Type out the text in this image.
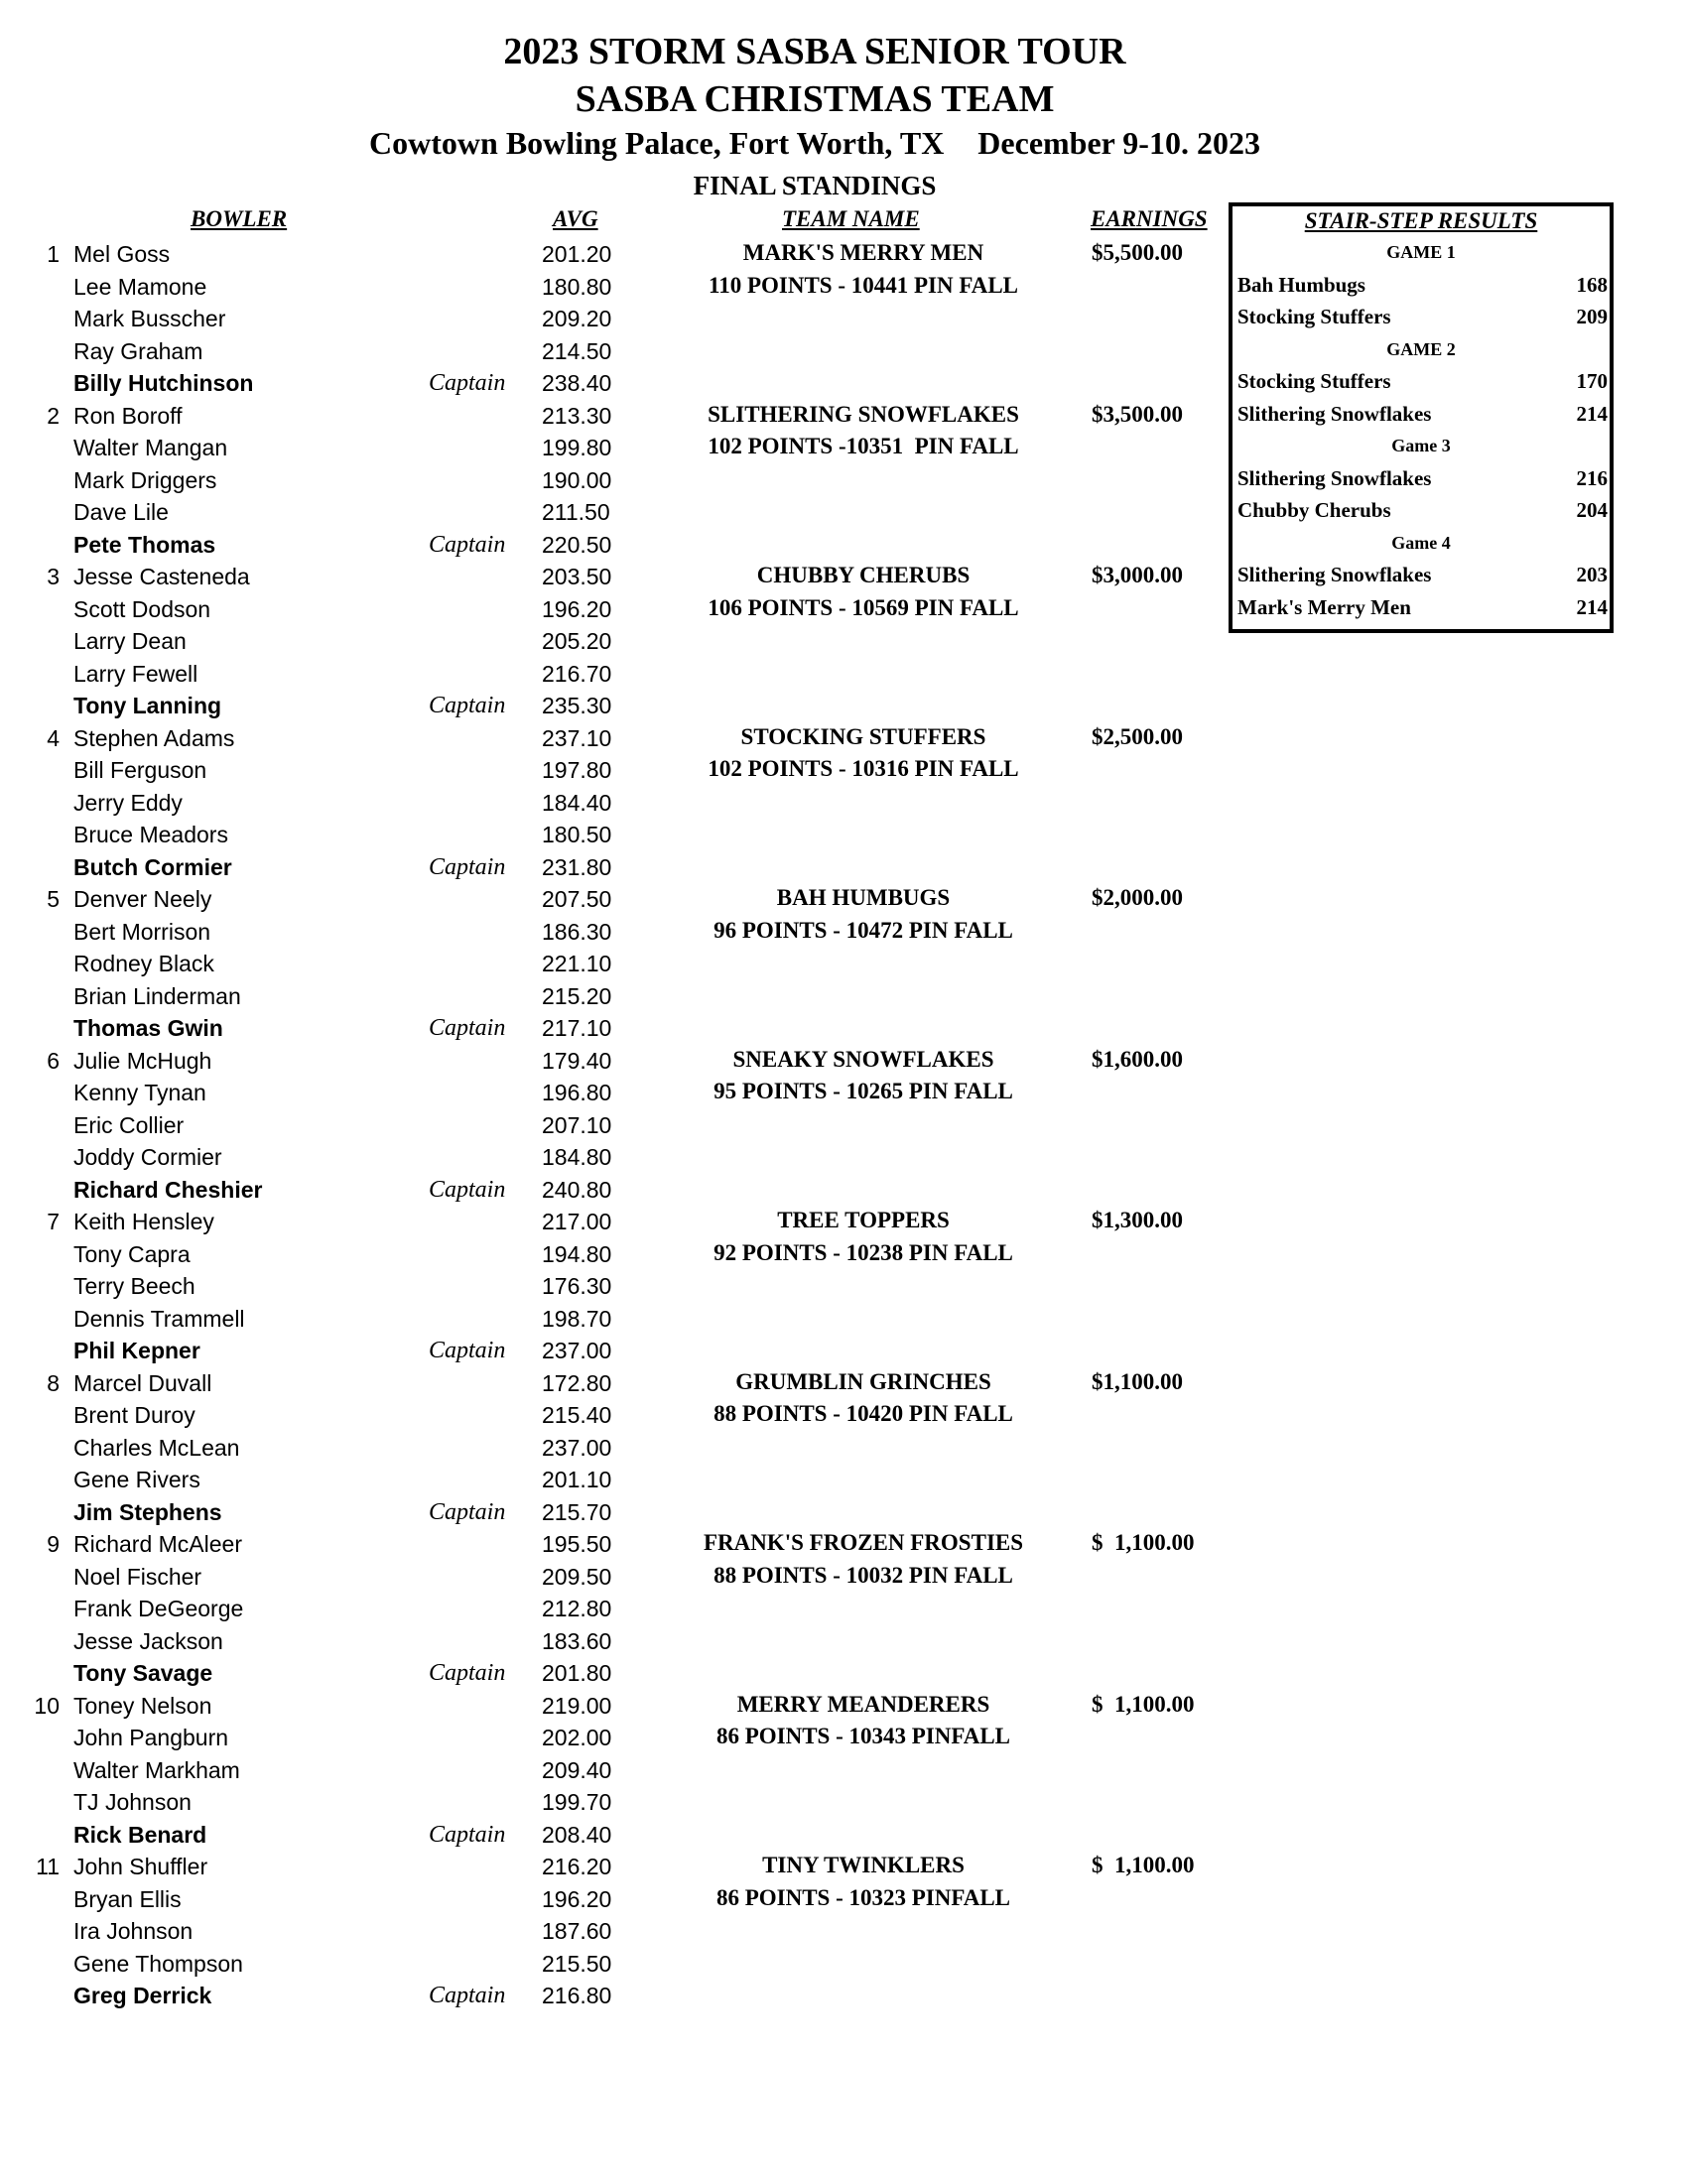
2023 STORM SASBA SENIOR TOUR
SASBA CHRISTMAS TEAM
Cowtown Bowling Palace, Fort Worth, TX December 9-10. 2023
FINAL STANDINGS
BOWLER	AVG	TEAM NAME	EARNINGS
1 Mel Goss	201.20	MARK'S MERRY MEN	$5,500.00
Lee Mamone	180.80	110 POINTS - 10441 PIN FALL
Mark Busscher	209.20
Ray Graham	214.50
Billy Hutchinson	Captain 238.40
2 Ron Boroff	213.30	SLITHERING SNOWFLAKES	$3,500.00
Walter Mangan	199.80	102 POINTS -10351  PIN FALL
Mark Driggers	190.00
Dave Lile	211.50
Pete Thomas	Captain 220.50
3 Jesse Casteneda	203.50	CHUBBY CHERUBS	$3,000.00
Scott Dodson	196.20	106 POINTS - 10569 PIN FALL
Larry Dean	205.20
Larry Fewell	216.70
Tony Lanning	Captain 235.30
4 Stephen Adams	237.10	STOCKING STUFFERS	$2,500.00
Bill Ferguson	197.80	102 POINTS - 10316 PIN FALL
Jerry Eddy	184.40
Bruce Meadors	180.50
Butch Cormier	Captain 231.80
5 Denver Neely	207.50	BAH HUMBUGS	$2,000.00
Bert Morrison	186.30	96 POINTS - 10472 PIN FALL
Rodney Black	221.10
Brian Linderman	215.20
Thomas Gwin	Captain 217.10
6 Julie McHugh	179.40	SNEAKY SNOWFLAKES	$1,600.00
Kenny Tynan	196.80	95 POINTS - 10265 PIN FALL
Eric Collier	207.10
Joddy Cormier	184.80
Richard Cheshier	Captain 240.80
7 Keith Hensley	217.00	TREE TOPPERS	$1,300.00
Tony Capra	194.80	92 POINTS - 10238 PIN FALL
Terry Beech	176.30
Dennis Trammell	198.70
Phil Kepner	Captain 237.00
8 Marcel Duvall	172.80	GRUMBLIN GRINCHES	$1,100.00
Brent Duroy	215.40	88 POINTS - 10420 PIN FALL
Charles McLean	237.00
Gene Rivers	201.10
Jim Stephens	Captain 215.70
9 Richard McAleer	195.50	FRANK'S FROZEN FROSTIES	$  1,100.00
Noel Fischer	209.50	88 POINTS - 10032 PIN FALL
Frank DeGeorge	212.80
Jesse Jackson	183.60
Tony Savage	Captain 201.80
10 Toney Nelson	219.00	MERRY MEANDERERS	$  1,100.00
John Pangburn	202.00	86 POINTS - 10343 PINFALL
Walter Markham	209.40
TJ Johnson	199.70
Rick Benard	Captain 208.40
11 John Shuffler	216.20	TINY TWINKLERS	$  1,100.00
Bryan Ellis	196.20	86 POINTS - 10323 PINFALL
Ira Johnson	187.60
Gene Thompson	215.50
Greg Derrick	Captain 216.80
STAIR-STEP RESULTS
GAME 1
Bah Humbugs	168
Stocking Stuffers	209
GAME 2
Stocking Stuffers	170
Slithering Snowflakes	214
Game 3
Slithering Snowflakes	216
Chubby Cherubs	204
Game 4
Slithering Snowflakes	203
Mark's Merry Men	214
